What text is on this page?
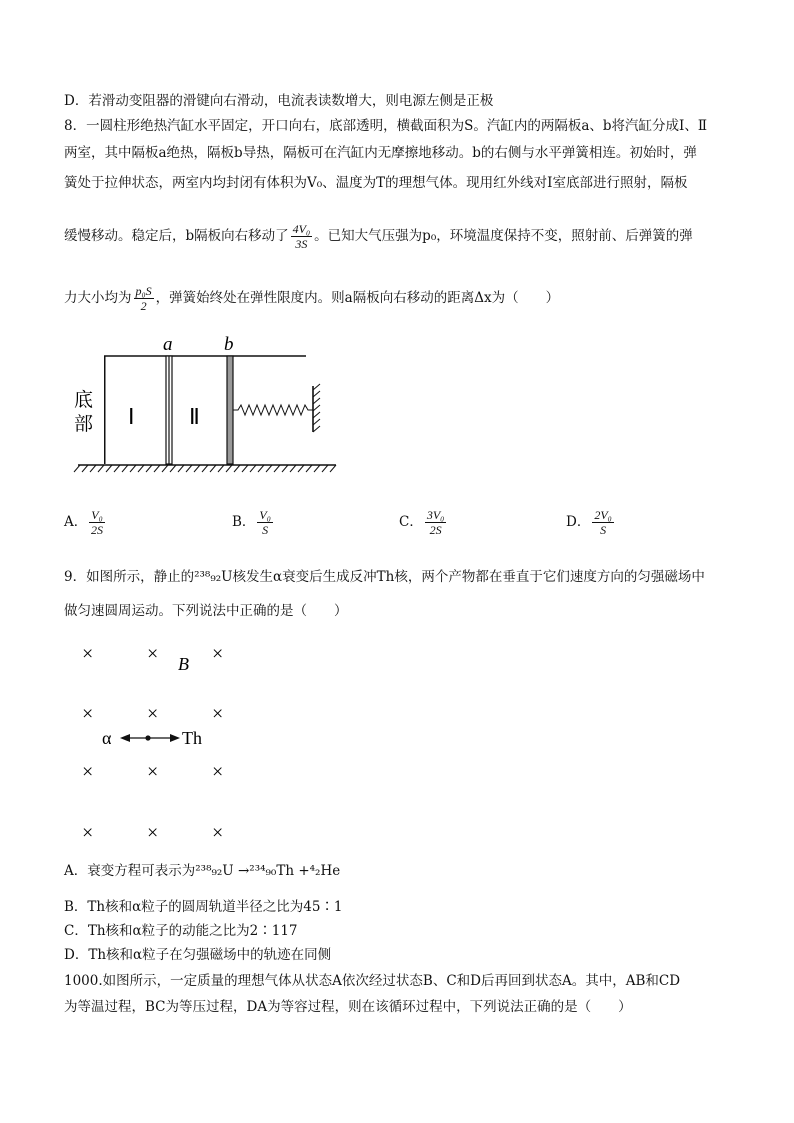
D．若滑动变阻器的滑键向右滑动，电流表读数增大，则电源左侧是正极
8．一圆柱形绝热汽缸水平固定，开口向右，底部透明，横截面积为S。汽缸内的两隔板a、b将汽缸分成Ⅰ、Ⅱ
两室，其中隔板a绝热，隔板b导热，隔板可在汽缸内无摩擦地移动。b的右侧与水平弹簧相连。初始时，弹
簧处于拉伸状态，两室内均封闭有体积为V₀、温度为T的理想气体。现用红外线对Ⅰ室底部进行照射，隔板
缓慢移动。稳定后，b隔板向右移动了 $\frac{\text{4V₀}}{3S}$ 。已知大气压强为p₀，环境温度保持不变，照射前、后弹簧的弹
力大小均为 $\frac{\text{p₀S}}{2}$ ，弹簧始终处在弹性限度内。则a隔板向右移动的距离Δx为（　　）
a	b
底
部 Ⅰ Ⅱ
A． $\frac{\text{V₀}}{2S}$	B． $\frac{\text{V₀}}{S}$	C． $\frac{\text{3V₀}}{2S}$	D． $\frac{\text{2V₀}}{S}$
9．如图所示，静止的²³⁸₉₂U核发生α衰变后生成反冲Th核，两个产物都在垂直于它们速度方向的匀强磁场中
做匀速圆周运动。下列说法中正确的是（　　）
×	×	×
×	×	×
×	×	×
×	×	×
B
α	Th
A．衰变方程可表示为²³⁸₉₂U →²³⁴₉₀Th +⁴₂He
B．Th核和α粒子的圆周轨道半径之比为45∶1
C．Th核和α粒子的动能之比为2∶117
D．Th核和α粒子在匀强磁场中的轨迹在同侧
1000.如图所示，一定质量的理想气体从状态A依次经过状态B、C和D后再回到状态A。其中，AB和CD
为等温过程，BC为等压过程，DA为等容过程，则在该循环过程中，下列说法正确的是（　　）
